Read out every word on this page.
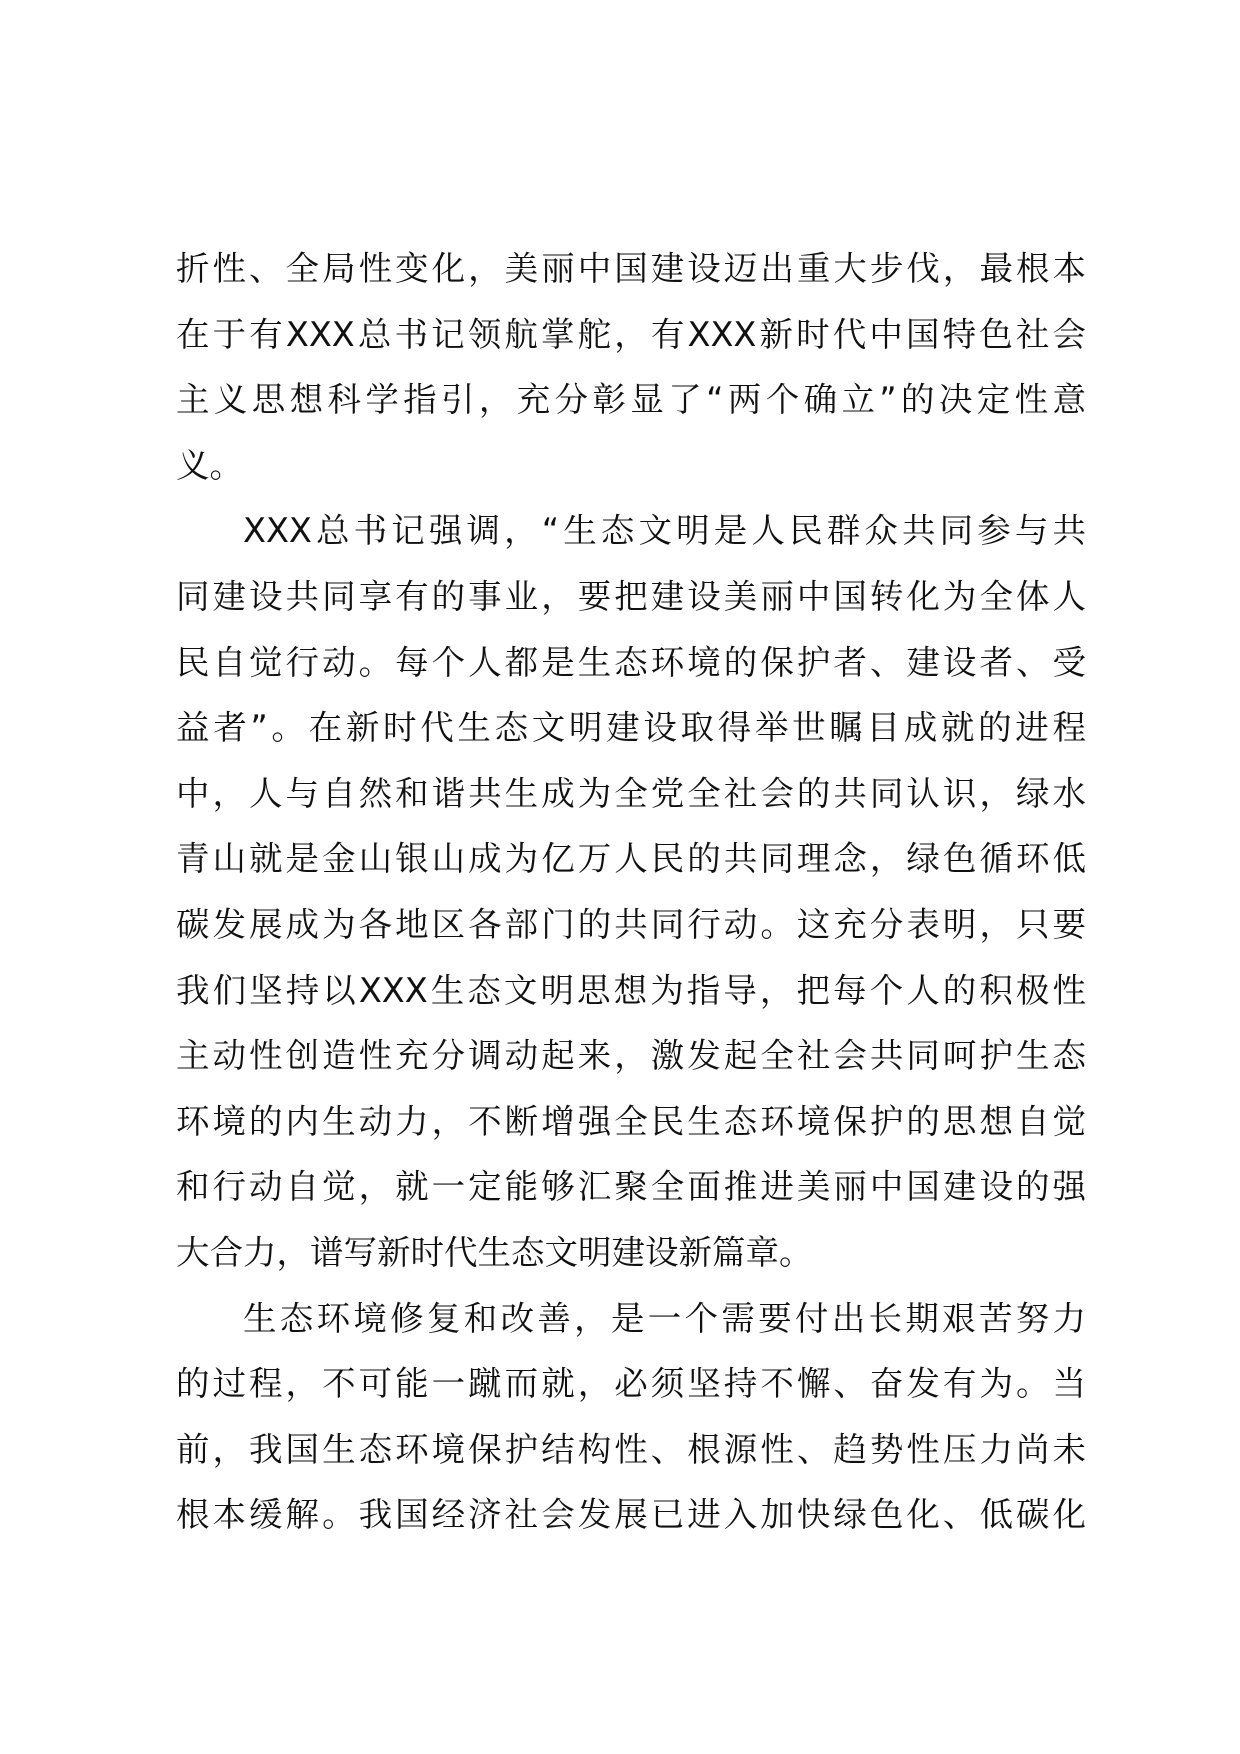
折性、全局性变化，美丽中国建设迈出重大步伐，最根本
在于有XXX总书记领航掌舵，有XXX新时代中国特色社会
主义思想科学指引，充分彰显了“两个确立”的决定性意
义。
XXX总书记强调，“生态文明是人民群众共同参与共
同建设共同享有的事业，要把建设美丽中国转化为全体人
民自觉行动。每个人都是生态环境的保护者、建设者、受
益者”。在新时代生态文明建设取得举世瞩目成就的进程
中，人与自然和谐共生成为全党全社会的共同认识，绿水
青山就是金山银山成为亿万人民的共同理念，绿色循环低
碳发展成为各地区各部门的共同行动。这充分表明，只要
我们坚持以XXX生态文明思想为指导，把每个人的积极性
主动性创造性充分调动起来，激发起全社会共同呵护生态
环境的内生动力，不断增强全民生态环境保护的思想自觉
和行动自觉，就一定能够汇聚全面推进美丽中国建设的强
大合力，谱写新时代生态文明建设新篇章。
生态环境修复和改善，是一个需要付出长期艰苦努力
的过程，不可能一蹴而就，必须坚持不懈、奋发有为。当
前，我国生态环境保护结构性、根源性、趋势性压力尚未
根本缓解。我国经济社会发展已进入加快绿色化、低碳化
